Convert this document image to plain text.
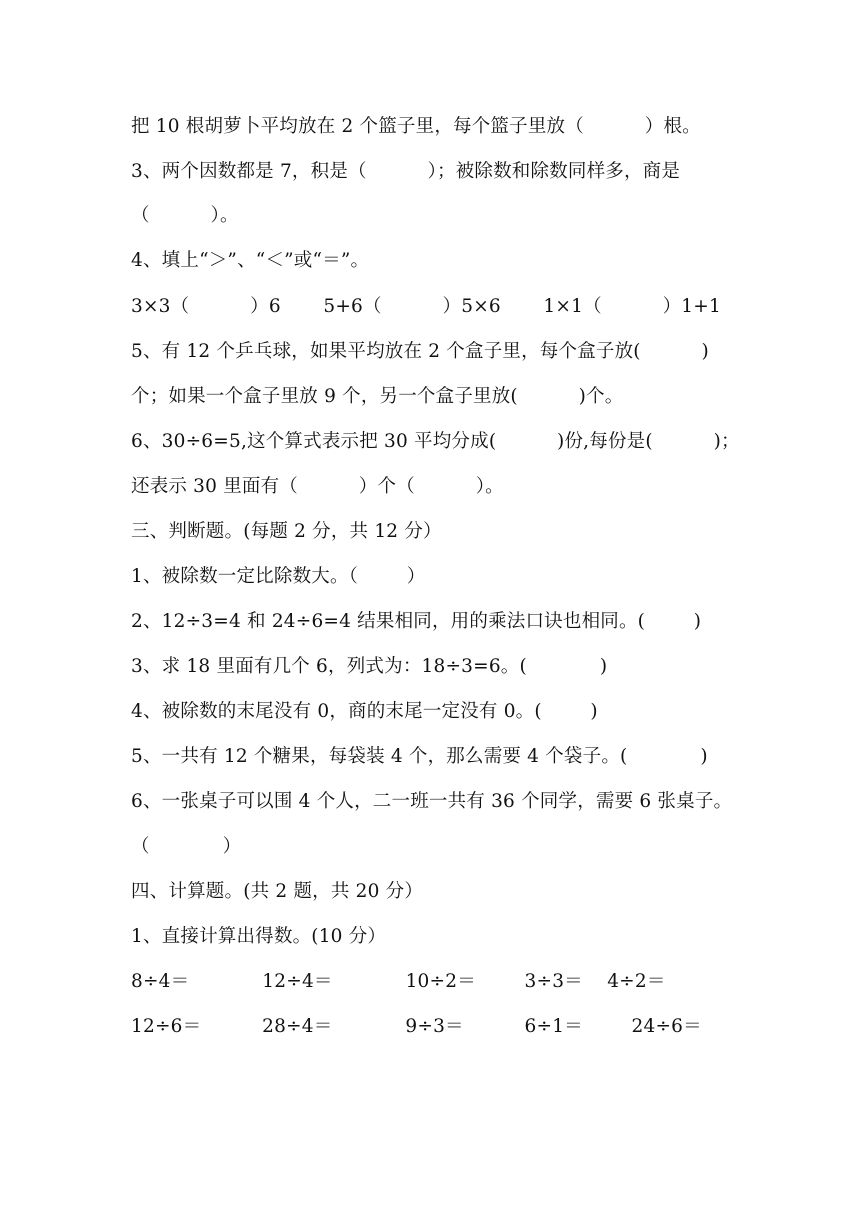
把 10 根胡萝卜平均放在 2 个篮子里，每个篮子里放（          ）根。
3、两个因数都是 7，积是（          ）；被除数和除数同样多，商是
（          ）。
4、填上“＞”、“＜”或“＝”。
3×3（          ）6       5+6（          ）5×6       1×1（          ）1+1
5、有 12 个乒乓球，如果平均放在 2 个盒子里，每个盒子放(          )
个；如果一个盒子里放 9 个，另一个盒子里放(          )个。
6、30÷6=5,这个算式表示把 30 平均分成(          )份,每份是(          )；
还表示 30 里面有（          ）个（          ）。
三、判断题。(每题 2 分，共 12 分）
1、被除数一定比除数大。（        ）
2、12÷3=4 和 24÷6=4 结果相同，用的乘法口诀也相同。(        )
3、求 18 里面有几个 6，列式为：18÷3=6。(            )
4、被除数的末尾没有 0，商的末尾一定没有 0。(        )
5、一共有 12 个糖果，每袋装 4 个，那么需要 4 个袋子。(            )
6、一张桌子可以围 4 个人，二一班一共有 36 个同学，需要 6 张桌子。
（            ）
四、计算题。(共 2 题，共 20 分）
1、直接计算出得数。(10 分）
8÷4＝            12÷4＝            10÷2＝        3÷3＝    4÷2＝
12÷6＝          28÷4＝            9÷3＝          6÷1＝        24÷6＝
